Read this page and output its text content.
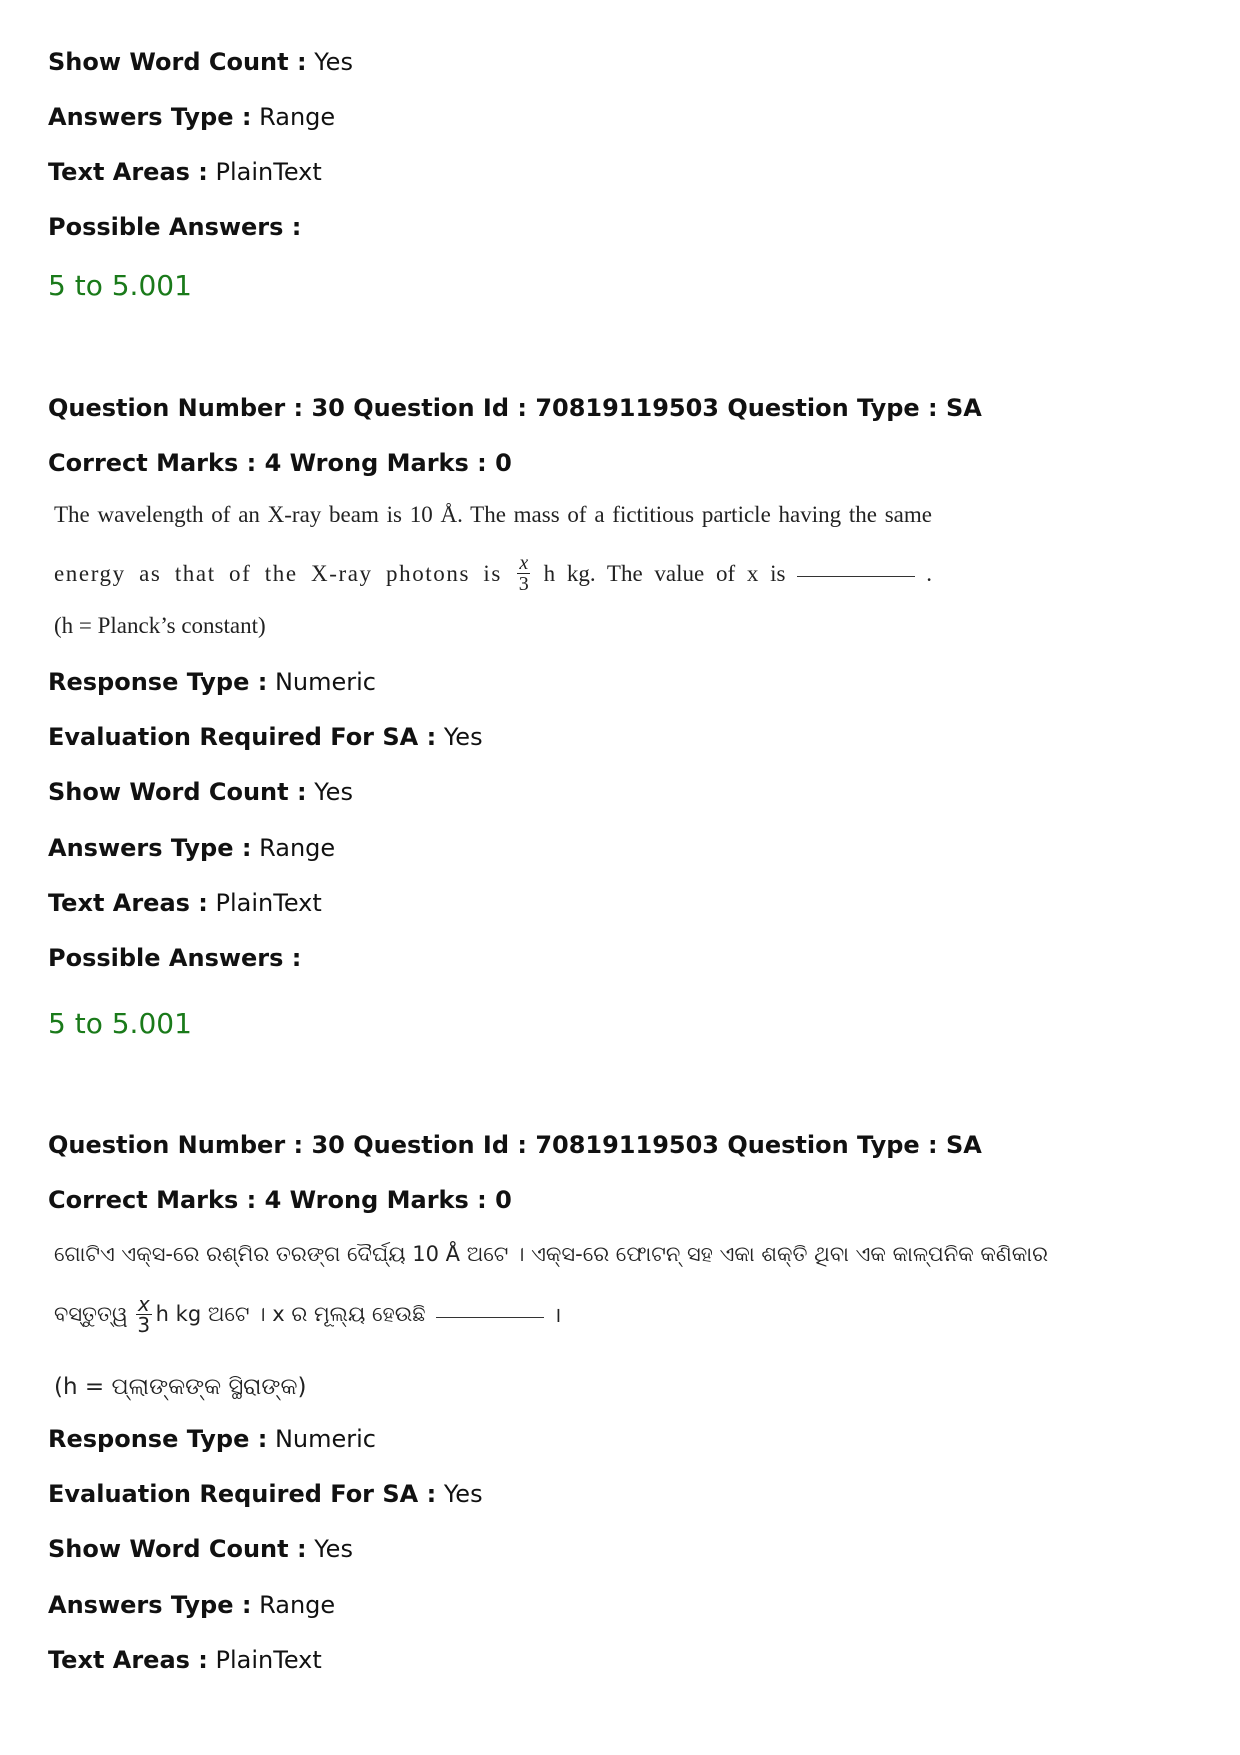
Show Word Count : Yes
Answers Type : Range
Text Areas : PlainText
Possible Answers :
5 to 5.001
Question Number : 30 Question Id : 70819119503 Question Type : SA
Correct Marks : 4 Wrong Marks : 0
The wavelength of an X-ray beam is 10 Å. The mass of a fictitious particle having the same
energy as that of the X-ray photons is $\frac{x}{3}$ h kg. The value of x is	.
(h = Planck’s constant)
Response Type : Numeric
Evaluation Required For SA : Yes
Show Word Count : Yes
Answers Type : Range
Text Areas : PlainText
Possible Answers :
5 to 5.001
Question Number : 30 Question Id : 70819119503 Question Type : SA
Correct Marks : 4 Wrong Marks : 0
ଗୋଟିଏ ଏକ୍ସ-ରେ ରଶ୍ମିର ତରଙ୍ଗ ଦୈର୍ଘ୍ୟ 10 Å ଅଟେ । ଏକ୍ସ-ରେ ଫୋଟନ୍ ସହ ଏକା ଶକ୍ତି ଥିବା ଏକ କାଳ୍ପନିକ କଣିକାର
ବସ୍ତୁତ୍ୱ $\frac{x}{3}$ h kg ଅଟେ । x ର ମୂଲ୍ୟ ହେଉଛି	।
(h = ପ୍ଲାଙ୍କଙ୍କ ସ୍ଥିରାଙ୍କ)
Response Type : Numeric
Evaluation Required For SA : Yes
Show Word Count : Yes
Answers Type : Range
Text Areas : PlainText
